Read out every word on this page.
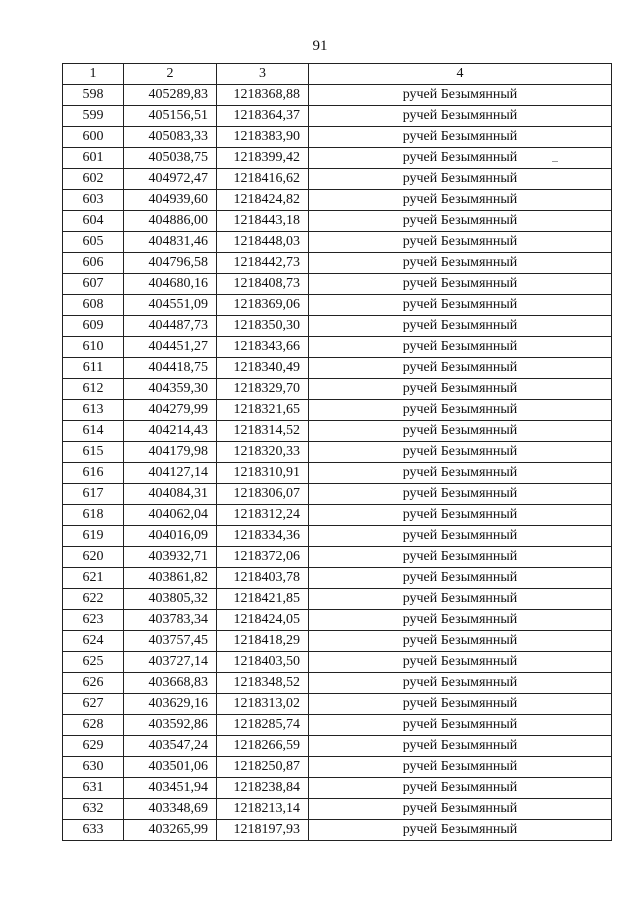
91
1	2	3	4
598	405289,83	1218368,88	ручей Безымянный
599	405156,51	1218364,37	ручей Безымянный
600	405083,33	1218383,90	ручей Безымянный
601	405038,75	1218399,42	ручей Безымянный
602	404972,47	1218416,62	ручей Безымянный
603	404939,60	1218424,82	ручей Безымянный
604	404886,00	1218443,18	ручей Безымянный
605	404831,46	1218448,03	ручей Безымянный
606	404796,58	1218442,73	ручей Безымянный
607	404680,16	1218408,73	ручей Безымянный
608	404551,09	1218369,06	ручей Безымянный
609	404487,73	1218350,30	ручей Безымянный
610	404451,27	1218343,66	ручей Безымянный
611	404418,75	1218340,49	ручей Безымянный
612	404359,30	1218329,70	ручей Безымянный
613	404279,99	1218321,65	ручей Безымянный
614	404214,43	1218314,52	ручей Безымянный
615	404179,98	1218320,33	ручей Безымянный
616	404127,14	1218310,91	ручей Безымянный
617	404084,31	1218306,07	ручей Безымянный
618	404062,04	1218312,24	ручей Безымянный
619	404016,09	1218334,36	ручей Безымянный
620	403932,71	1218372,06	ручей Безымянный
621	403861,82	1218403,78	ручей Безымянный
622	403805,32	1218421,85	ручей Безымянный
623	403783,34	1218424,05	ручей Безымянный
624	403757,45	1218418,29	ручей Безымянный
625	403727,14	1218403,50	ручей Безымянный
626	403668,83	1218348,52	ручей Безымянный
627	403629,16	1218313,02	ручей Безымянный
628	403592,86	1218285,74	ручей Безымянный
629	403547,24	1218266,59	ручей Безымянный
630	403501,06	1218250,87	ручей Безымянный
631	403451,94	1218238,84	ручей Безымянный
632	403348,69	1218213,14	ручей Безымянный
633	403265,99	1218197,93	ручей Безымянный
